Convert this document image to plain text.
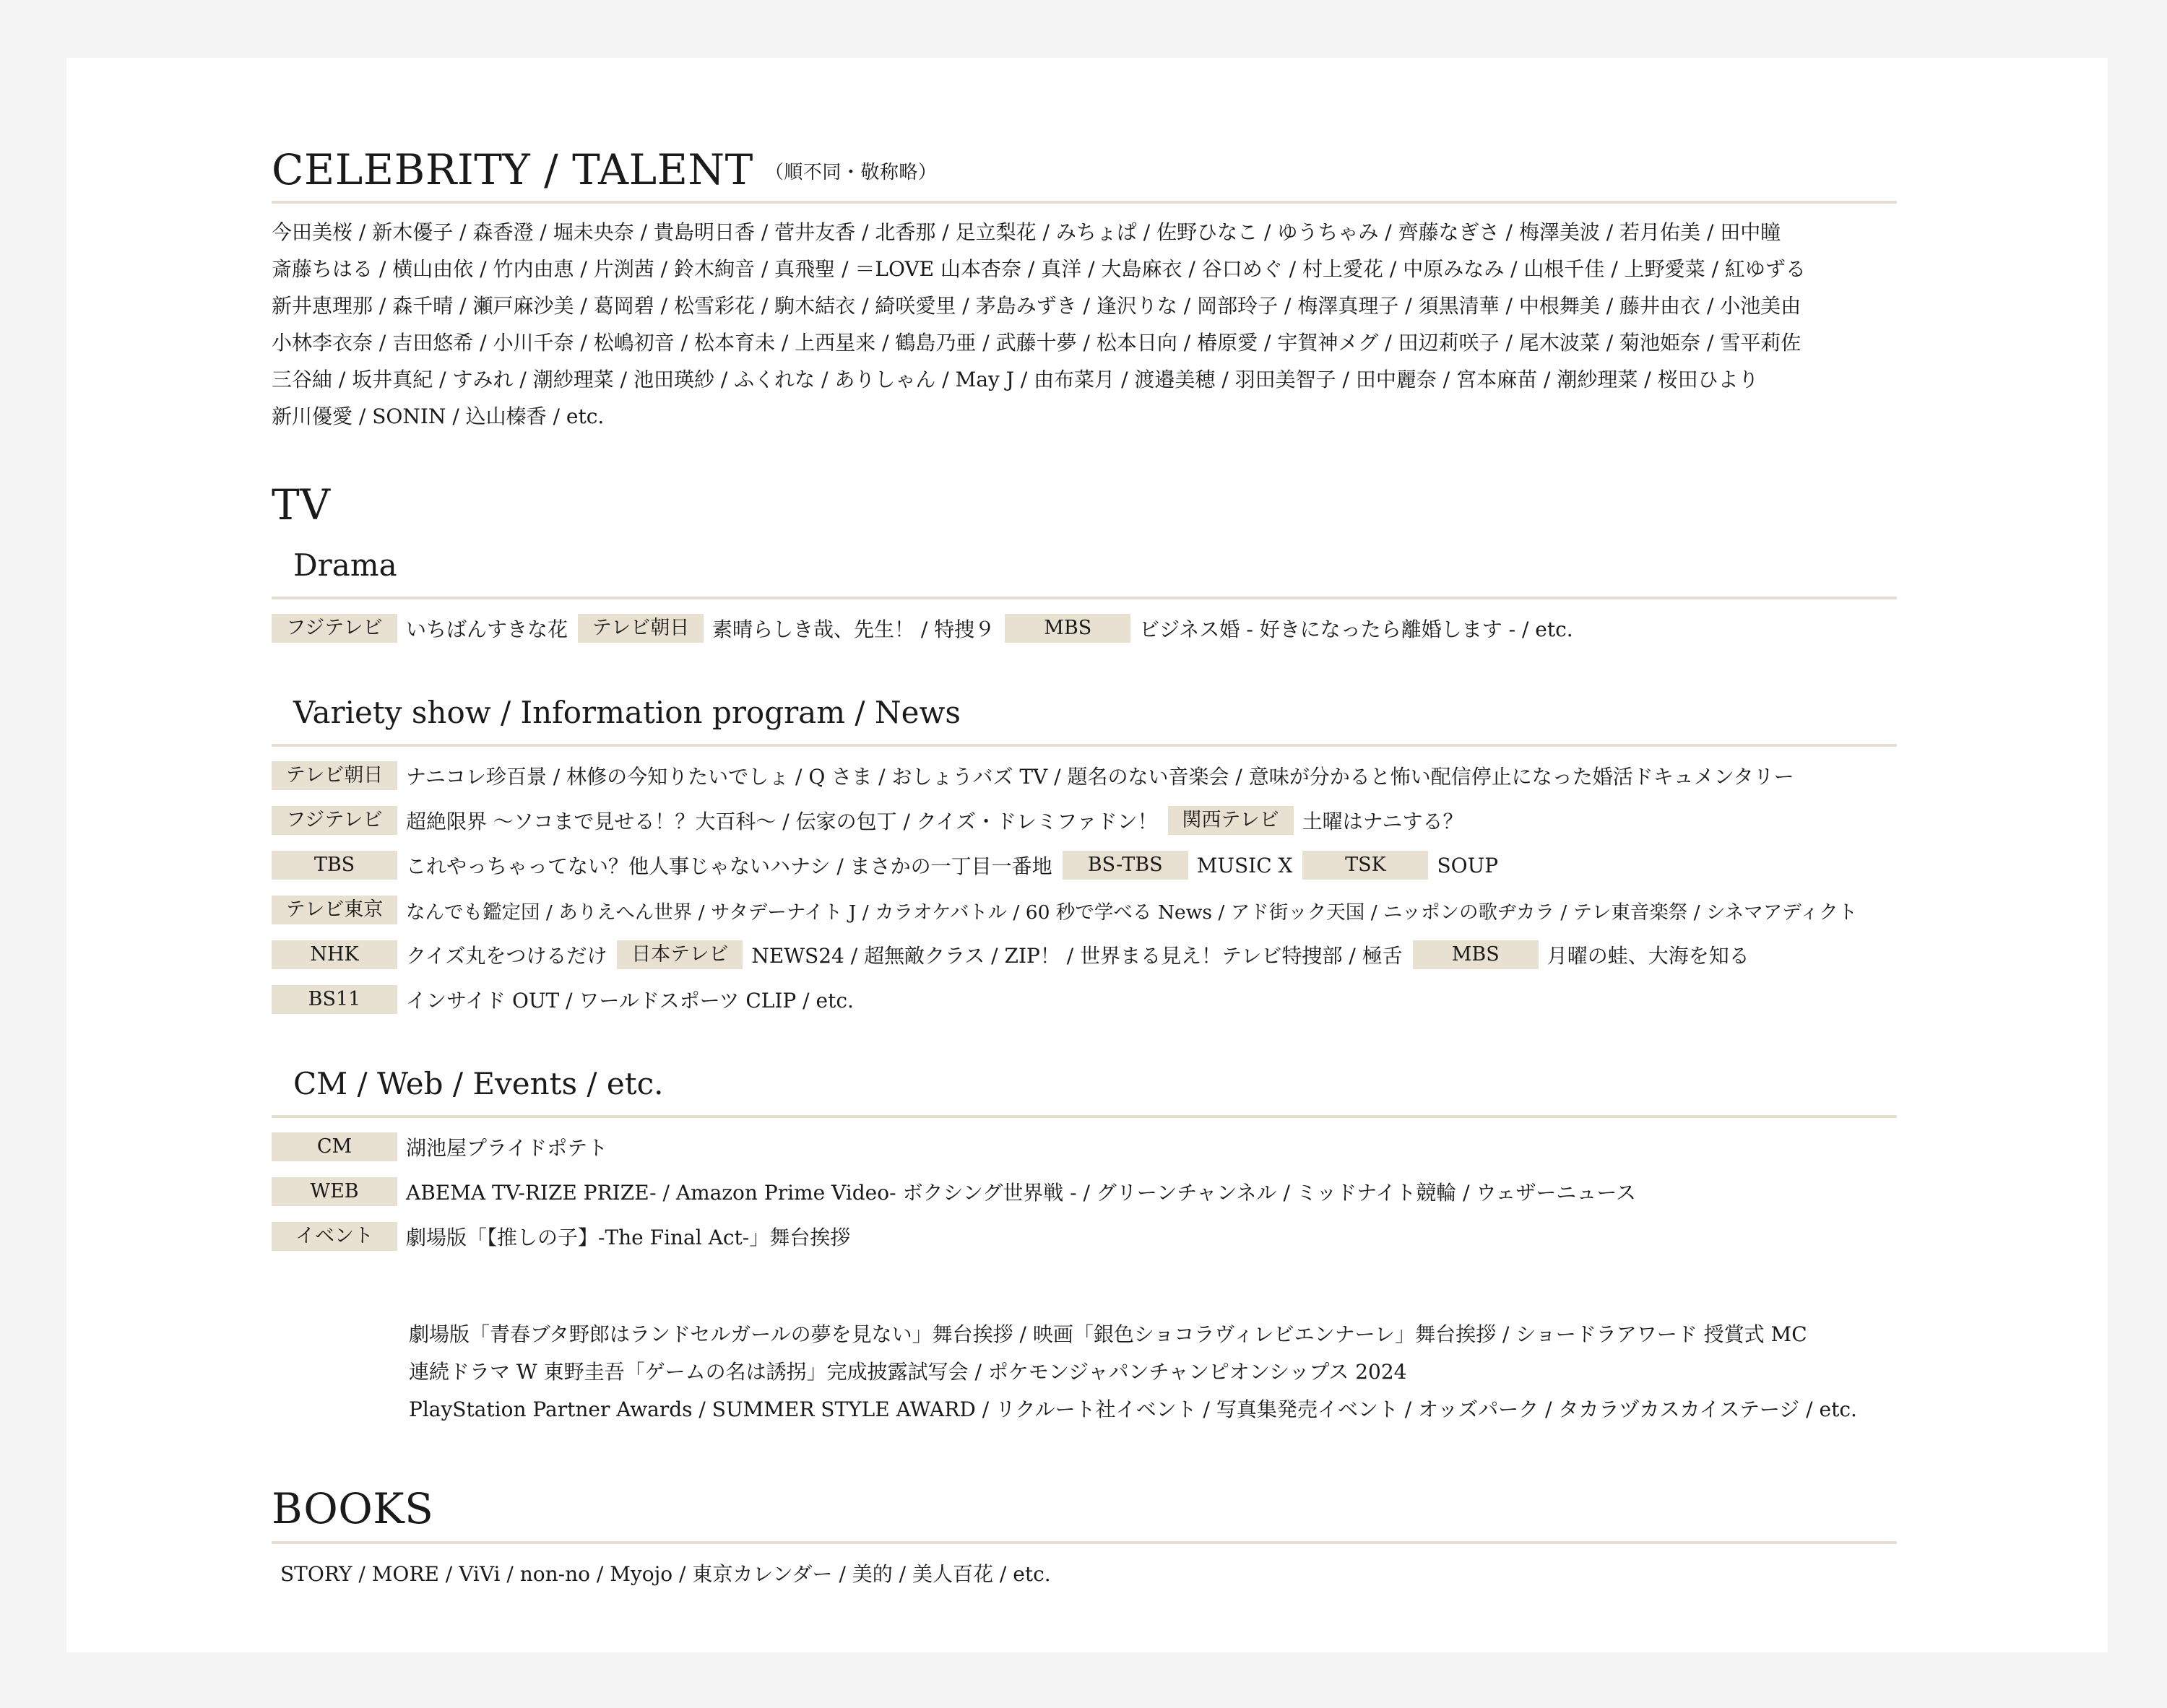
CELEBRITY / TALENT （順不同・敬称略）
今田美桜 / 新木優子 / 森香澄 / 堀未央奈 / 貴島明日香 / 菅井友香 / 北香那 / 足立梨花 / みちょぱ / 佐野ひなこ / ゆうちゃみ / 齊藤なぎさ / 梅澤美波 / 若月佑美 / 田中瞳
斎藤ちはる / 横山由依 / 竹内由恵 / 片渕茜 / 鈴木絢音 / 真飛聖 / ＝LOVE 山本杏奈 / 真洋 / 大島麻衣 / 谷口めぐ / 村上愛花 / 中原みなみ / 山根千佳 / 上野愛菜 / 紅ゆずる
新井恵理那 / 森千晴 / 瀬戸麻沙美 / 葛岡碧 / 松雪彩花 / 駒木結衣 / 綺咲愛里 / 茅島みずき / 逢沢りな / 岡部玲子 / 梅澤真理子 / 須黒清華 / 中根舞美 / 藤井由衣 / 小池美由
小林李衣奈 / 吉田悠希 / 小川千奈 / 松嶋初音 / 松本育未 / 上西星来 / 鶴島乃亜 / 武藤十夢 / 松本日向 / 椿原愛 / 宇賀神メグ / 田辺莉咲子 / 尾木波菜 / 菊池姫奈 / 雪平莉佐
三谷紬 / 坂井真紀 / すみれ / 潮紗理菜 / 池田瑛紗 / ふくれな / ありしゃん / May J / 由布菜月 / 渡邉美穂 / 羽田美智子 / 田中麗奈 / 宮本麻苗 / 潮紗理菜 / 桜田ひより
新川優愛 / SONIN / 込山榛香 / etc.
TV
Drama
フジテレビ	いちばんすきな花	テレビ朝日	素晴らしき哉、先生！ / 特捜９	MBS	ビジネス婚 - 好きになったら離婚します - / etc.
Variety show / Information program / News
テレビ朝日	ナニコレ珍百景 / 林修の今知りたいでしょ / Q さま / おしょうバズ TV / 題名のない音楽会 / 意味が分かると怖い配信停止になった婚活ドキュメンタリー
フジテレビ	超絶限界 〜ソコまで見せる！？大百科〜 / 伝家の包丁 / クイズ・ドレミファドン！	関西テレビ	土曜はナニする？
TBS	これやっちゃってない？他人事じゃないハナシ / まさかの一丁目一番地	BS-TBS	MUSIC X	TSK	SOUP
テレビ東京	なんでも鑑定団 / ありえへん世界 / サタデーナイト J / カラオケバトル / 60 秒で学べる News / アド街ック天国 / ニッポンの歌ヂカラ / テレ東音楽祭 / シネマアディクト
NHK	クイズ丸をつけるだけ	日本テレビ	NEWS24 / 超無敵クラス / ZIP！ / 世界まる見え！テレビ特捜部 / 極舌	MBS	月曜の蛙、大海を知る
BS11	インサイド OUT / ワールドスポーツ CLIP / etc.
CM / Web / Events / etc.
CM	湖池屋プライドポテト
WEB	ABEMA TV-RIZE PRIZE- / Amazon Prime Video- ボクシング世界戦 - / グリーンチャンネル / ミッドナイト競輪 / ウェザーニュース
イベント	劇場版「【推しの子】-The Final Act-」舞台挨拶
劇場版「青春ブタ野郎はランドセルガールの夢を見ない」舞台挨拶 / 映画「銀色ショコラヴィレビエンナーレ」舞台挨拶 / ショードラアワード 授賞式 MC
連続ドラマ W 東野圭吾「ゲームの名は誘拐」完成披露試写会 / ポケモンジャパンチャンピオンシップス 2024
PlayStation Partner Awards / SUMMER STYLE AWARD / リクルート社イベント / 写真集発売イベント / オッズパーク / タカラヅカスカイステージ / etc.
BOOKS
STORY / MORE / ViVi / non-no / Myojo / 東京カレンダー / 美的 / 美人百花 / etc.
